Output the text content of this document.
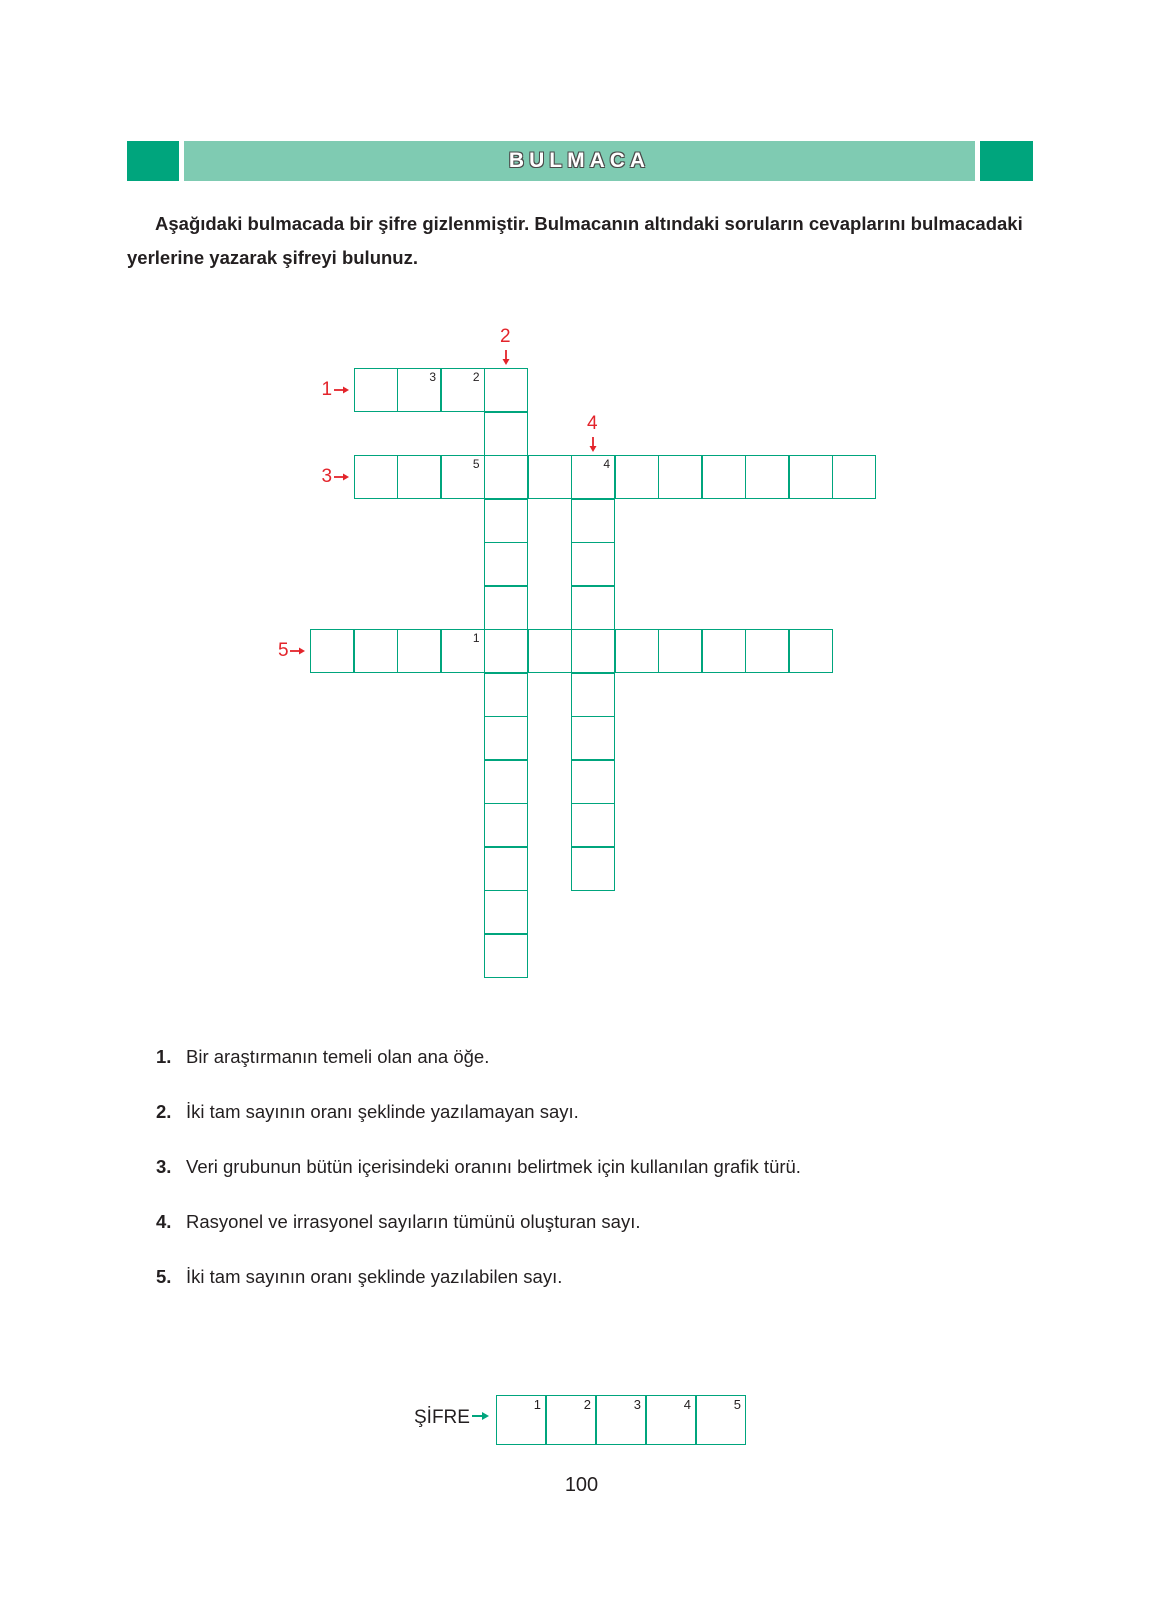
BULMACA

Aşağıdaki bulmacada bir şifre gizlenmiştir. Bulmacanın altındaki soruların cevaplarını bulmacadaki yerlerine yazarak şifreyi bulunuz.

3	2
5	4
1
1
3
5
2
4
1. Bir araştırmanın temeli olan ana öğe.
2. İki tam sayının oranı şeklinde yazılamayan sayı.
3. Veri grubunun bütün içerisindeki oranını belirtmek için kullanılan grafik türü.
4. Rasyonel ve irrasyonel sayıların tümünü oluşturan sayı.
5. İki tam sayının oranı şeklinde yazılabilen sayı.
ŞİFRE
1	2	3	4	5
100
